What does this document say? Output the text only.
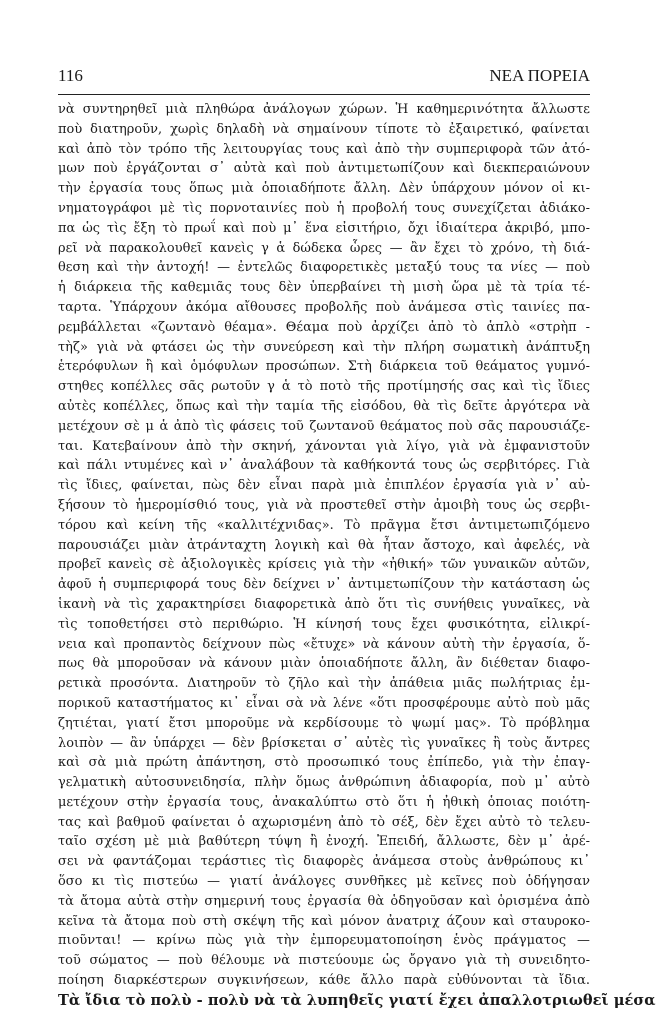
116	ΝΕΑ ΠΟΡΕΙΑ
νὰ συντηρηθεῖ μιὰ πληθώρα ἀνάλογων χώρων. Ἡ καθημερινότητα ἄλλωστε
ποὺ διατηροῦν, χωρὶς δηλαδὴ νὰ σημαίνουν τίποτε τὸ ἐξαιρετικό, φαίνεται
καὶ ἀπὸ τὸν τρόπο τῆς λειτουργίας τους καὶ ἀπὸ τὴν συμπεριφορὰ τῶν ἀτό-
μων ποὺ ἐργάζονται σ᾽ αὐτὰ καὶ ποὺ ἀντιμετωπίζουν καὶ διεκπεραιώνουν
τὴν ἐργασία τους ὅπως μιὰ ὁποιαδήποτε ἄλλη. Δὲν ὑπάρχουν μόνον οἱ κι-
νηματογράφοι μὲ τὶς πορνοταινίες ποὺ ἡ προβολή τους συνεχίζεται ἀδιάκο-
πα ὡς τὶς ἔξη τὸ πρωΐ καὶ ποὺ μ᾽ ἕνα εἰσιτήριο, ὄχι ἰδιαίτερα ἀκριβό, μπο-
ρεῖ νὰ παρακολουθεῖ κανεὶς γ ἁ δώδεκα ὧρες — ἂν ἔχει τὸ χρόνο, τὴ διά-
θεση καὶ τὴν ἀντοχή! — ἐντελῶς διαφορετικὲς μεταξύ τους τα νίες — ποὺ
ἡ διάρκεια τῆς καθεμιᾶς τους δὲν ὑπερβαίνει τὴ μισὴ ὥρα μὲ τὰ τρία τέ-
ταρτα. Ὑπάρχουν ἀκόμα αἴθουσες προβολῆς ποὺ ἀνάμεσα στὶς ταινίες πα-
ρεμβάλλεται «ζωντανὸ θέαμα». Θέαμα ποὺ ἀρχίζει ἀπὸ τὸ ἁπλὸ «στρὴπ -
τὴζ» γιὰ νὰ φτάσει ὡς τὴν συνεύρεση καὶ τὴν πλήρη σωματικὴ ἀνάπτυξη
ἑτερόφυλων ἢ καὶ ὁμόφυλων προσώπων. Στὴ διάρκεια τοῦ θεάματος γυμνό-
στηθες κοπέλλες σᾶς ρωτοῦν γ ἁ τὸ ποτὸ τῆς προτίμησής σας καὶ τὶς ἴδιες
αὐτὲς κοπέλλες, ὅπως καὶ τὴν ταμία τῆς εἰσόδου, θὰ τὶς δεῖτε ἀργότερα νὰ
μετέχουν σὲ μ ἁ ἀπὸ τὶς φάσεις τοῦ ζωντανοῦ θεάματος ποὺ σᾶς παρουσιάζε-
ται. Κατεβαίνουν ἀπὸ τὴν σκηνή, χάνονται γιὰ λίγο, γιὰ νὰ ἐμφανιστοῦν
καὶ πάλι ντυμένες καὶ ν᾽ ἀναλάβουν τὰ καθήκοντά τους ὡς σερβιτόρες. Γιὰ
τὶς ἴδιες, φαίνεται, πὼς δὲν εἶναι παρὰ μιὰ ἐπιπλέον ἐργασία γιὰ ν᾽ αὐ-
ξήσουν τὸ ἡμερομίσθιό τους, γιὰ νὰ προστεθεῖ στὴν ἀμοιβὴ τους ὡς σερβι-
τόρου καὶ κείνη τῆς «καλλιτέχνιδας». Τὸ πρᾶγμα ἔτσι ἀντιμετωπιζόμενο
παρουσιάζει μιὰν ἀτράνταχτη λογικὴ καὶ θὰ ἦταν ἄστοχο, καὶ ἀφελές, νὰ
προβεῖ κανεὶς σὲ ἀξιολογικὲς κρίσεις γιὰ τὴν «ἠθική» τῶν γυναικῶν αὐτῶν,
ἀφοῦ ἡ συμπεριφορά τους δὲν δείχνει ν᾽ ἀντιμετωπίζουν τὴν κατάσταση ὡς
ἱκανὴ νὰ τὶς χαρακτηρίσει διαφορετικὰ ἀπὸ ὅτι τὶς συνήθεις γυναῖκες, νὰ
τὶς τοποθετήσει στὸ περιθώριο. Ἡ κίνησή τους ἔχει φυσικότητα, εἰλικρί-
νεια καὶ προπαντὸς δείχνουν πὼς «ἔτυχε» νὰ κάνουν αὐτὴ τὴν ἐργασία, ὅ-
πως θὰ μποροῦσαν νὰ κάνουν μιὰν ὁποιαδήποτε ἄλλη, ἂν διέθεταν διαφο-
ρετικὰ προσόντα. Διατηροῦν τὸ ζῆλο καὶ τὴν ἀπάθεια μιᾶς πωλήτριας ἐμ-
πορικοῦ καταστήματος κι᾽ εἶναι σὰ νὰ λένε «ὅτι προσφέρουμε αὐτὸ ποὺ μᾶς
ζητιέται, γιατί ἔτσι μποροῦμε νὰ κερδίσουμε τὸ ψωμί μας». Τὸ πρόβλημα
λοιπὸν — ἂν ὑπάρχει — δὲν βρίσκεται σ᾽ αὐτὲς τὶς γυναῖκες ἢ τοὺς ἄντρες
καὶ σὰ μιὰ πρώτη ἀπάντηση, στὸ προσωπικό τους ἐπίπεδο, γιὰ τὴν ἐπαγ-
γελματικὴ αὐτοσυνειδησία, πλὴν ὅμως ἀνθρώπινη ἀδιαφορία, ποὺ μ᾽ αὐτὸ
μετέχουν στὴν ἐργασία τους, ἀνακαλύπτω στὸ ὅτι ἡ ἠθικὴ ὁποιας ποιότη-
τας καὶ βαθμοῦ φαίνεται ὁ αχωρισμένη ἀπὸ τὸ σέξ, δὲν ἔχει αὐτὸ τὸ τελευ-
ταῖο σχέση μὲ μιὰ βαθύτερη τύψη ἢ ἐνοχή. Ἐπειδή, ἄλλωστε, δὲν μ᾽ ἀρέ-
σει νὰ φαντάζομαι τεράστιες τὶς διαφορὲς ἀνάμεσα στοὺς ἀνθρώπους κι᾽
ὅσο κι τὶς πιστεύω — γιατί ἀνάλογες συνθῆκες μὲ κεῖνες ποὺ ὁδήγησαν
τὰ ἄτομα αὐτὰ στὴν σημερινή τους ἐργασία θὰ ὁδηγοῦσαν καὶ ὁρισμένα ἀπὸ
κεῖνα τὰ ἄτομα ποὺ στὴ σκέψη τῆς καὶ μόνον ἀνατριχ άζουν καὶ σταυροκο-
πιοῦνται! — κρίνω πὼς γιὰ τὴν ἐμπορευματοποίηση ἑνὸς πράγματος —
τοῦ σώματος — ποὺ θέλουμε νὰ πιστεύουμε ὡς ὄργανο γιὰ τὴ συνειδητο-
ποίηση διαρκέστερων συγκινήσεων, κάθε ἄλλο παρὰ εὐθύνονται τὰ ἴδια.
Τὰ ἴδια τὸ πολὺ - πολὺ νὰ τὰ λυπηθεῖς γιατί ἔχει ἀπαλλοτριωθεῖ μέσα
